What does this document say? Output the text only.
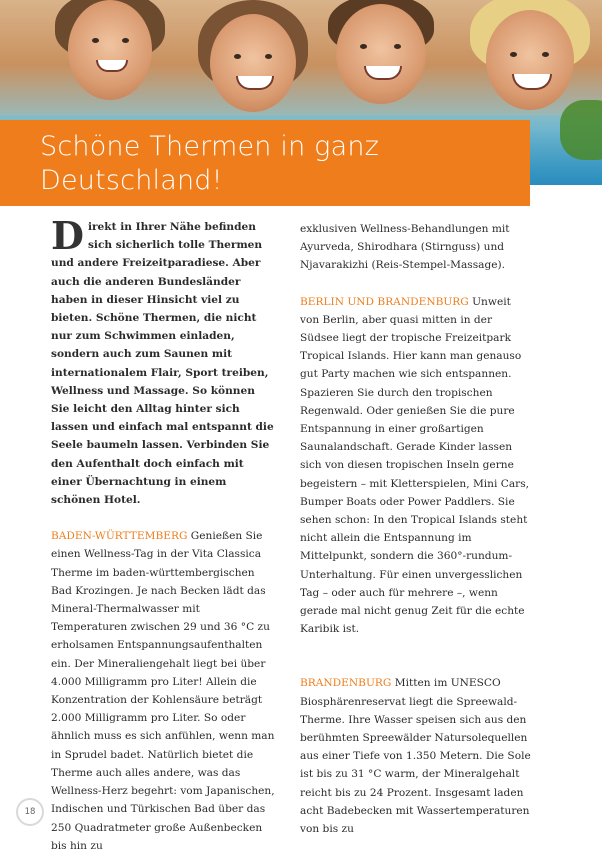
Schöne Thermen in ganz Deutschland!

Direkt in Ihrer Nähe befinden sich sicherlich tolle Thermen und andere Freizeitparadiese. Aber auch die anderen Bundesländer haben in dieser Hinsicht viel zu bieten. Schöne Thermen, die nicht nur zum Schwimmen einladen, sondern auch zum Saunen mit internationalem Flair, Sport treiben, Wellness und Massage. So können Sie leicht den Alltag hinter sich lassen und einfach mal entspannt die Seele baumeln lassen. Verbinden Sie den Aufenthalt doch einfach mit einer Übernachtung in einem schönen Hotel.

BADEN-WÜRTTEMBERG Genießen Sie einen Wellness-Tag in der Vita Classica Therme im baden-württembergischen Bad Krozingen. Je nach Becken lädt das Mineral-Thermalwasser mit Temperaturen zwischen 29 und 36 °C zu erholsamen Entspannungsaufenthalten ein. Der Mineraliengehalt liegt bei über 4.000 Milligramm pro Liter! Allein die Konzentration der Kohlensäure beträgt 2.000 Milligramm pro Liter. So oder ähnlich muss es sich anfühlen, wenn man in Sprudel badet. Natürlich bietet die Therme auch alles andere, was das Wellness-Herz begehrt: vom Japanischen, Indischen und Türkischen Bad über das 250 Quadratmeter große Außenbecken bis hin zu

exklusiven Wellness-Behandlungen mit Ayurveda, Shirodhara (Stirnguss) und Njavarakizhi (Reis-Stempel-Massage).

BERLIN UND BRANDENBURG Unweit von Berlin, aber quasi mitten in der Südsee liegt der tropische Freizeitpark Tropical Islands. Hier kann man genauso gut Party machen wie sich entspannen. Spazieren Sie durch den tropischen Regenwald. Oder genießen Sie die pure Entspannung in einer großartigen Saunalandschaft. Gerade Kinder lassen sich von diesen tropischen Inseln gerne begeistern – mit Kletterspielen, Mini Cars, Bumper Boats oder Power Paddlers. Sie sehen schon: In den Tropical Islands steht nicht allein die Entspannung im Mittelpunkt, sondern die 360°-rundum-Unterhaltung. Für einen unvergesslichen Tag – oder auch für mehrere –, wenn gerade mal nicht genug Zeit für die echte Karibik ist.

BRANDENBURG Mitten im UNESCO Biosphärenreservat liegt die Spreewald-Therme. Ihre Wasser speisen sich aus den berühmten Spreewälder Natursolequellen aus einer Tiefe von 1.350 Metern. Die Sole ist bis zu 31 °C warm, der Mineralgehalt reicht bis zu 24 Prozent. Insgesamt laden acht Badebecken mit Wassertemperaturen von bis zu

18
